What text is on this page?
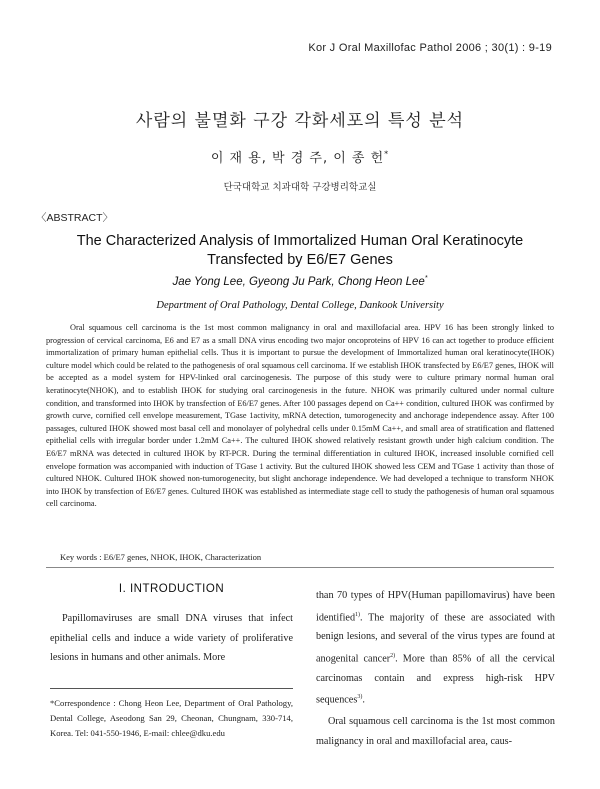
Kor J Oral Maxillofac Pathol 2006 ; 30(1) : 9-19
사람의 불멸화 구강 각화세포의 특성 분석
이 재 용, 박 경 주, 이 종 헌*
단국대학교 치과대학 구강병리학교실
〈ABSTRACT〉
The Characterized Analysis of Immortalized Human Oral Keratinocyte
Transfected by E6/E7 Genes
Jae Yong Lee, Gyeong Ju Park, Chong Heon Lee*
Department of Oral Pathology, Dental College, Dankook University
Oral squamous cell carcinoma is the 1st most common malignancy in oral and maxillofacial area. HPV 16 has been strongly linked to progression of cervical carcinoma, E6 and E7 as a small DNA virus encoding two major oncoproteins of HPV 16 can act together to produce efficient immortalization of primary human epithelial cells. Thus it is important to pursue the development of Immortalized human oral keratinocyte(IHOK) culture model which could be related to the pathogenesis of oral squamous cell carcinoma. If we establish IHOK transfected by E6/E7 genes, IHOK will be accepted as a model system for HPV-linked oral carcinogenesis. The purpose of this study were to culture primary normal human oral keratinocyte(NHOK), and to establish IHOK for studying oral carcinogenesis in the future. NHOK was primarily cultured under normal culture condition, and transformed into IHOK by transfection of E6/E7 genes. After 100 passages depend on Ca++ condition, cultured IHOK was confirmed by growth curve, cornified cell envelope measurement, TGase 1activity, mRNA detection, tumorogenecity and anchorage independence assay. After 100 passages, cultured IHOK showed most basal cell and monolayer of polyhedral cells under 0.15mM Ca++, and small area of stratification and flattened epithelial cells with irregular border under 1.2mM Ca++. The cultured IHOK showed relatively resistant growth under high calcium condition. The E6/E7 mRNA was detected in cultured IHOK by RT-PCR. During the terminal differentiation in cultured IHOK, increased insoluble cornified cell envelope formation was accompanied with induction of TGase 1 activity. But the cultured IHOK showed less CEM and TGase 1 activity than those of cultured NHOK. Cultured IHOK showed non-tumorogenecity, but slight anchorage independence. We had developed a technique to transform NHOK into IHOK by transfection of E6/E7 genes. Cultured IHOK was established as intermediate stage cell to study the pathogenesis of human oral squamous cell carcinoma.
Key words : E6/E7 genes, NHOK, IHOK, Characterization
I. INTRODUCTION

Papillomaviruses are small DNA viruses that infect epithelial cells and induce a wide variety of proliferative lesions in humans and other animals. More

*Correspondence : Chong Heon Lee, Department of Oral Pathology, Dental College, Aseodong San 29, Cheonan, Chungnam, 330-714, Korea. Tel: 041-550-1946, E-mail: chlee@dku.edu

than 70 types of HPV(Human papillomavirus) have been identified$^{1)}$. The majority of these are associated with benign lesions, and several of the virus types are found at anogenital cancer$^{2)}$. More than 85% of all the cervical carcinomas contain and express high-risk HPV sequences$^{3)}$.

Oral squamous cell carcinoma is the 1st most common malignancy in oral and maxillofacial area, caus-
